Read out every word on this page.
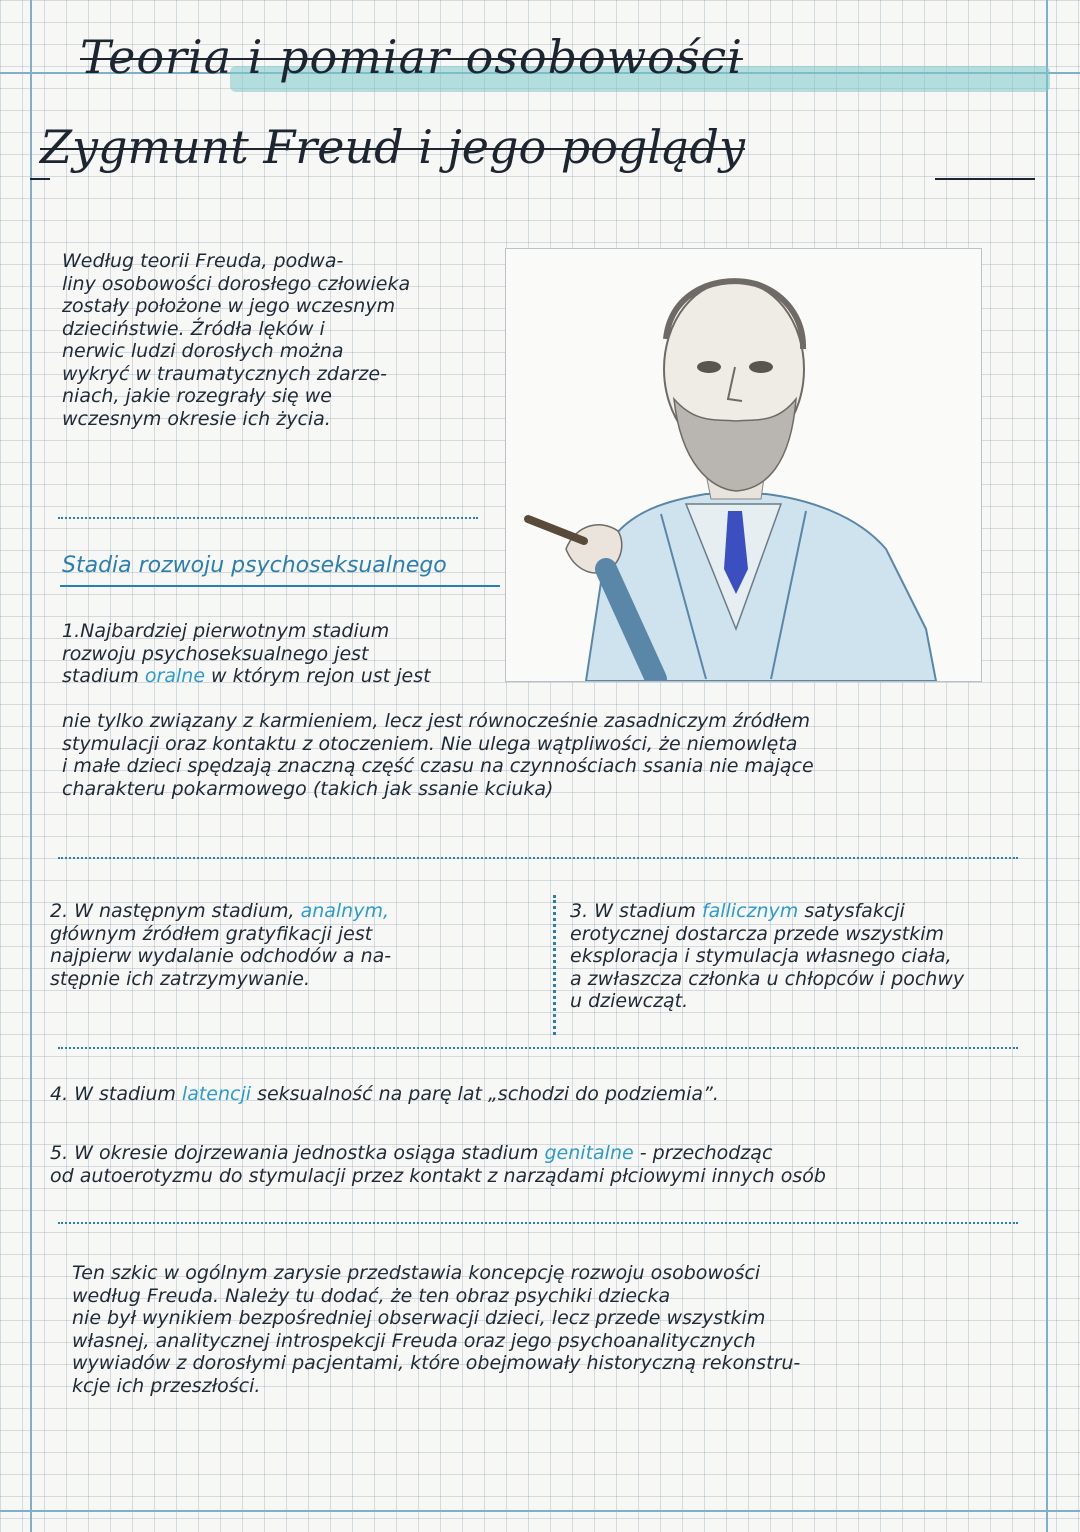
Teoria i pomiar osobowości
Zygmunt Freud i jego poglądy
Według teorii Freuda, podwa-
liny osobowości dorosłego człowieka
zostały położone w jego wczesnym
dzieciństwie. Źródła lęków i
nerwic ludzi dorosłych można
wykryć w traumatycznych zdarze-
niach, jakie rozegrały się we
wczesnym okresie ich życia.
Stadia rozwoju psychoseksualnego
1.Najbardziej pierwotnym stadium
rozwoju psychoseksualnego jest
stadium oralne w którym rejon ust jest
nie tylko związany z karmieniem, lecz jest równocześnie zasadniczym źródłem
stymulacji oraz kontaktu z otoczeniem. Nie ulega wątpliwości, że niemowlęta
i małe dzieci spędzają znaczną część czasu na czynnościach ssania nie mające
charakteru pokarmowego (takich jak ssanie kciuka)
2. W następnym stadium, analnym,
głównym źródłem gratyfikacji jest
najpierw wydalanie odchodów a na-
stępnie ich zatrzymywanie.
3. W stadium fallicznym satysfakcji
erotycznej dostarcza przede wszystkim
eksploracja i stymulacja własnego ciała,
a zwłaszcza członka u chłopców i pochwy
u dziewcząt.
4. W stadium latencji seksualność na parę lat „schodzi do podziemia”.
5. W okresie dojrzewania jednostka osiąga stadium genitalne - przechodząc
od autoerotyzmu do stymulacji przez kontakt z narządami płciowymi innych osób
Ten szkic w ogólnym zarysie przedstawia koncepcję rozwoju osobowości
według Freuda. Należy tu dodać, że ten obraz psychiki dziecka
nie był wynikiem bezpośredniej obserwacji dzieci, lecz przede wszystkim
własnej, analitycznej introspekcji Freuda oraz jego psychoanalitycznych
wywiadów z dorosłymi pacjentami, które obejmowały historyczną rekonstru-
kcje ich przeszłości.
